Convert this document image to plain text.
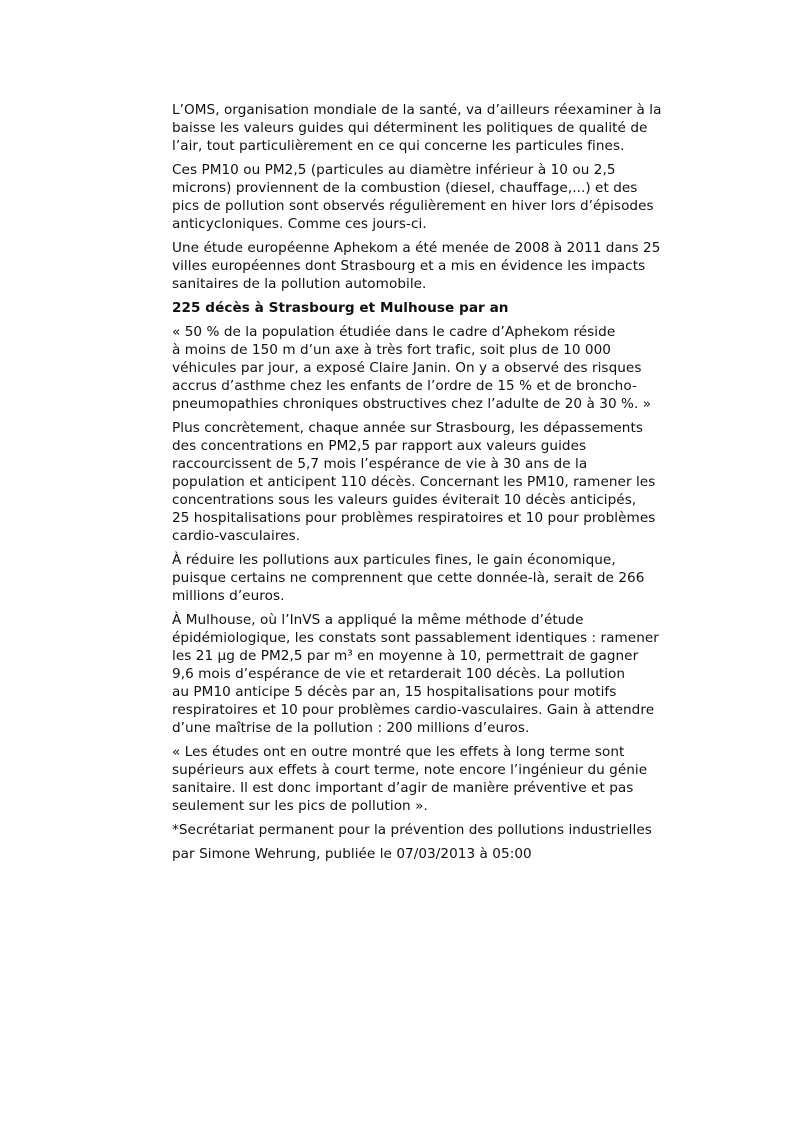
L’OMS, organisation mondiale de la santé, va d’ailleurs réexaminer à la
baisse les valeurs guides qui déterminent les politiques de qualité de
l’air, tout particulièrement en ce qui concerne les particules fines.

Ces PM10 ou PM2,5 (particules au diamètre inférieur à 10 ou 2,5
microns) proviennent de la combustion (diesel, chauffage,...) et des
pics de pollution sont observés régulièrement en hiver lors d’épisodes
anticycloniques. Comme ces jours-ci.

Une étude européenne Aphekom a été menée de 2008 à 2011 dans 25
villes européennes dont Strasbourg et a mis en évidence les impacts
sanitaires de la pollution automobile.

225 décès à Strasbourg et Mulhouse par an

« 50 % de la population étudiée dans le cadre d’Aphekom réside
à moins de 150 m d’un axe à très fort trafic, soit plus de 10 000
véhicules par jour, a exposé Claire Janin. On y a observé des risques
accrus d’asthme chez les enfants de l’ordre de 15 % et de broncho-
pneumopathies chroniques obstructives chez l’adulte de 20 à 30 %. »

Plus concrètement, chaque année sur Strasbourg, les dépassements
des concentrations en PM2,5 par rapport aux valeurs guides
raccourcissent de 5,7 mois l’espérance de vie à 30 ans de la
population et anticipent 110 décès. Concernant les PM10, ramener les
concentrations sous les valeurs guides éviterait 10 décès anticipés,
25 hospitalisations pour problèmes respiratoires et 10 pour problèmes
cardio-vasculaires.

À réduire les pollutions aux particules fines, le gain économique,
puisque certains ne comprennent que cette donnée-là, serait de 266
millions d’euros.

À Mulhouse, où l’InVS a appliqué la même méthode d’étude
épidémiologique, les constats sont passablement identiques : ramener
les 21 µg de PM2,5 par m³ en moyenne à 10, permettrait de gagner
9,6 mois d’espérance de vie et retarderait 100 décès. La pollution
au PM10 anticipe 5 décès par an, 15 hospitalisations pour motifs
respiratoires et 10 pour problèmes cardio-vasculaires. Gain à attendre
d’une maîtrise de la pollution : 200 millions d’euros.

« Les études ont en outre montré que les effets à long terme sont
supérieurs aux effets à court terme, note encore l’ingénieur du génie
sanitaire. Il est donc important d’agir de manière préventive et pas
seulement sur les pics de pollution ».

*Secrétariat permanent pour la prévention des pollutions industrielles

par Simone Wehrung, publiée le 07/03/2013 à 05:00
